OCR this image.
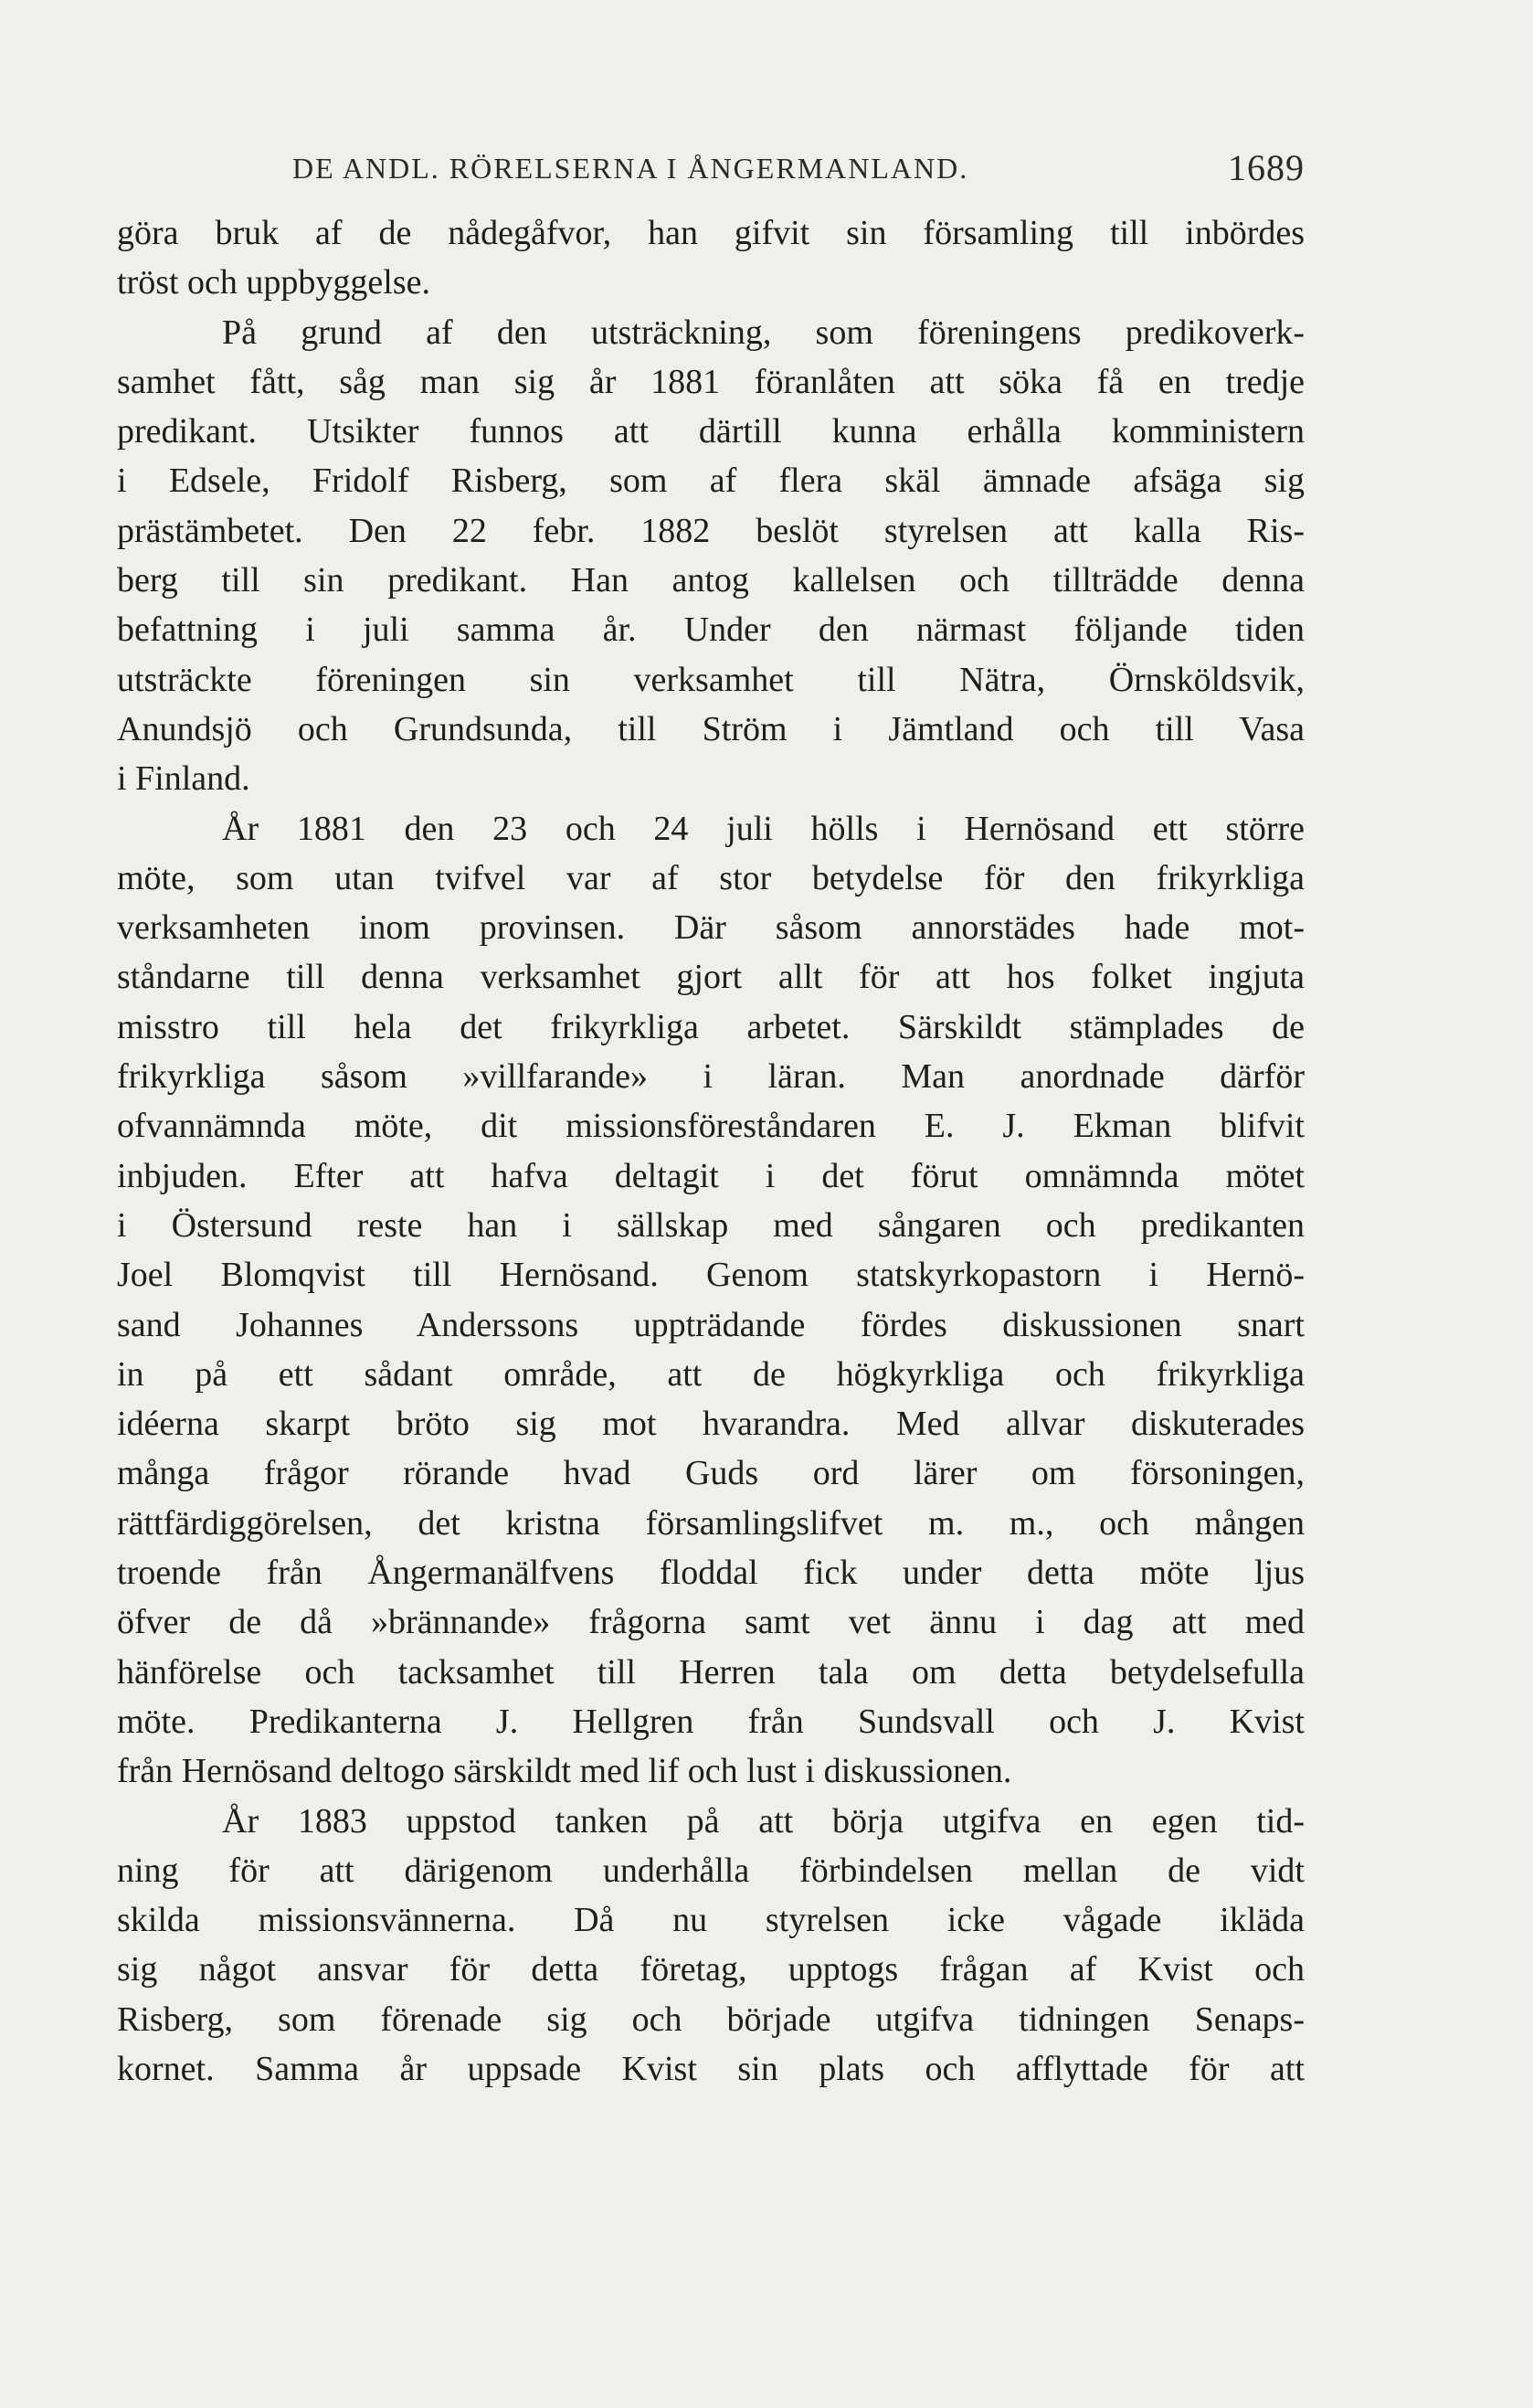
DE ANDL. RÖRELSERNA I ÅNGERMANLAND.	1689
göra bruk af de nådegåfvor, han gifvit sin församling till inbördes
tröst och uppbyggelse.
På grund af den utsträckning, som föreningens predikoverk-
samhet fått, såg man sig år 1881 föranlåten att söka få en tredje
predikant. Utsikter funnos att därtill kunna erhålla komministern
i Edsele, Fridolf Risberg, som af flera skäl ämnade afsäga sig
prästämbetet. Den 22 febr. 1882 beslöt styrelsen att kalla Ris-
berg till sin predikant. Han antog kallelsen och tillträdde denna
befattning i juli samma år. Under den närmast följande tiden
utsträckte föreningen sin verksamhet till Nätra, Örnsköldsvik,
Anundsjö och Grundsunda, till Ström i Jämtland och till Vasa
i Finland.
År 1881 den 23 och 24 juli hölls i Hernösand ett större
möte, som utan tvifvel var af stor betydelse för den frikyrkliga
verksamheten inom provinsen. Där såsom annorstädes hade mot-
ståndarne till denna verksamhet gjort allt för att hos folket ingjuta
misstro till hela det frikyrkliga arbetet. Särskildt stämplades de
frikyrkliga såsom »villfarande» i läran. Man anordnade därför
ofvannämnda möte, dit missionsföreståndaren E. J. Ekman blifvit
inbjuden. Efter att hafva deltagit i det förut omnämnda mötet
i Östersund reste han i sällskap med sångaren och predikanten
Joel Blomqvist till Hernösand. Genom statskyrkopastorn i Hernö-
sand Johannes Anderssons uppträdande fördes diskussionen snart
in på ett sådant område, att de högkyrkliga och frikyrkliga
idéerna skarpt bröto sig mot hvarandra. Med allvar diskuterades
många frågor rörande hvad Guds ord lärer om försoningen,
rättfärdiggörelsen, det kristna församlingslifvet m. m., och mången
troende från Ångermanälfvens floddal fick under detta möte ljus
öfver de då »brännande» frågorna samt vet ännu i dag att med
hänförelse och tacksamhet till Herren tala om detta betydelsefulla
möte. Predikanterna J. Hellgren från Sundsvall och J. Kvist
från Hernösand deltogo särskildt med lif och lust i diskussionen.
År 1883 uppstod tanken på att börja utgifva en egen tid-
ning för att därigenom underhålla förbindelsen mellan de vidt
skilda missionsvännerna. Då nu styrelsen icke vågade ikläda
sig något ansvar för detta företag, upptogs frågan af Kvist och
Risberg, som förenade sig och började utgifva tidningen Senaps-
kornet. Samma år uppsade Kvist sin plats och afflyttade för att
